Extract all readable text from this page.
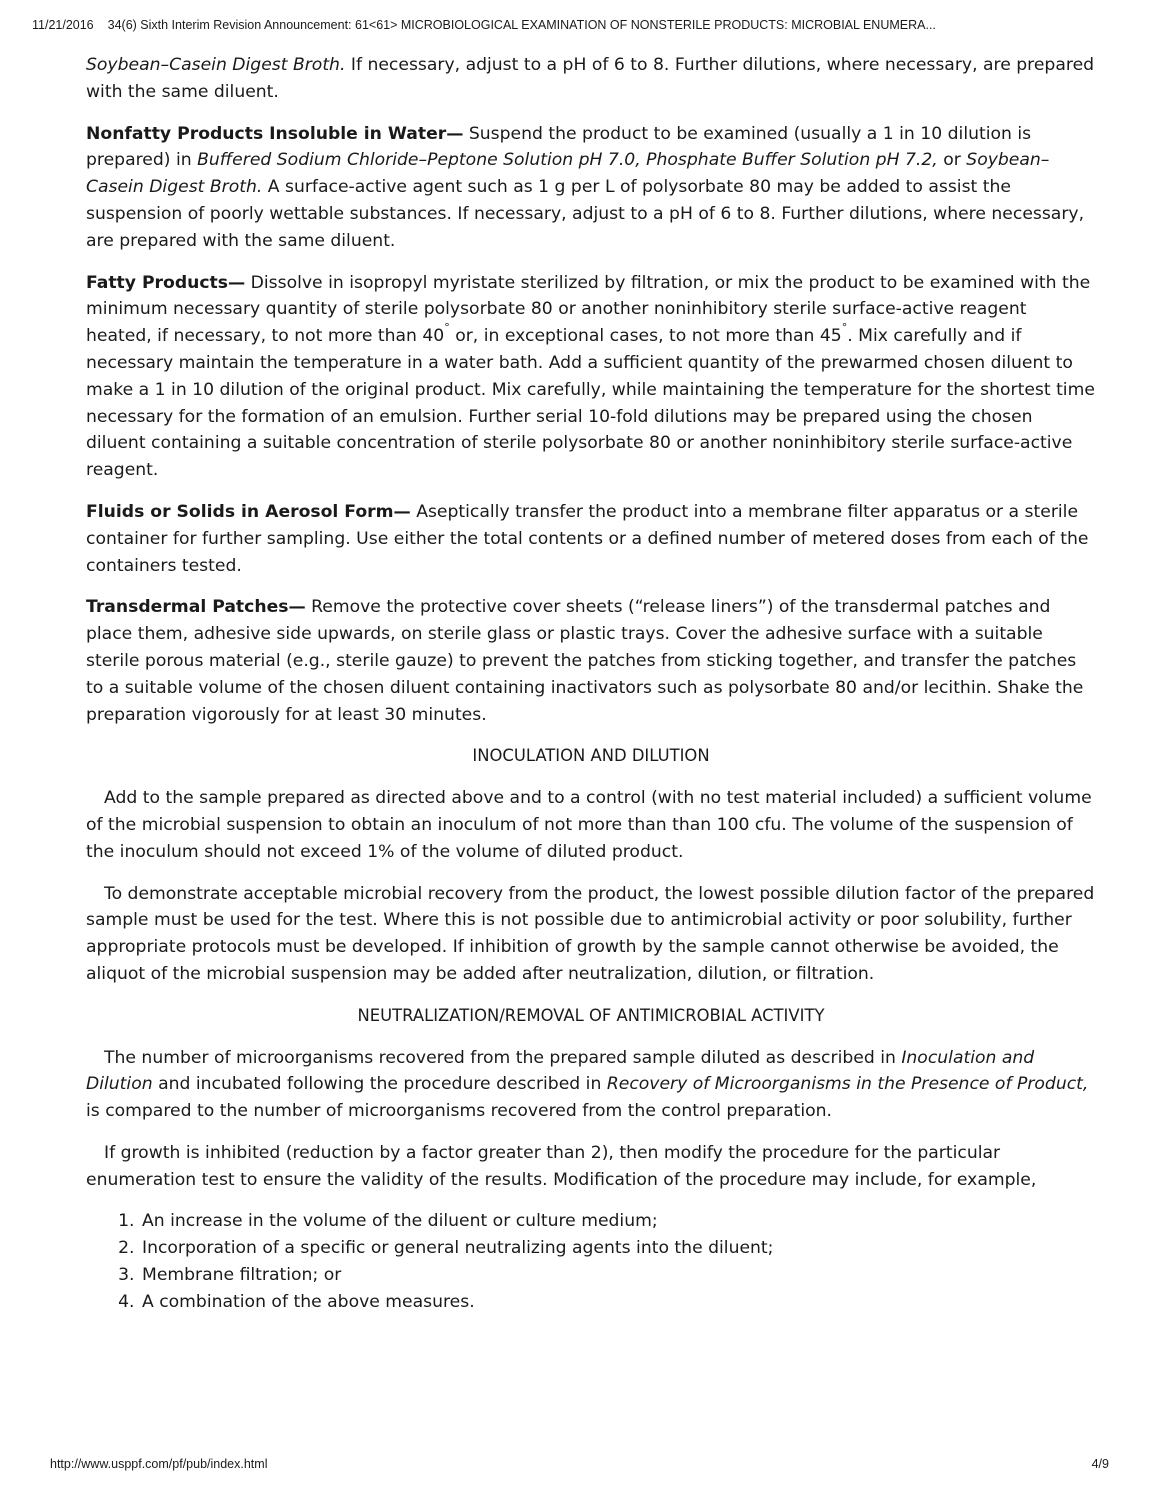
11/21/2016 34(6) Sixth Interim Revision Announcement: 61<61> MICROBIOLOGICAL EXAMINATION OF NONSTERILE PRODUCTS: MICROBIAL ENUMERA...

Soybean–Casein Digest Broth. If necessary, adjust to a pH of 6 to 8. Further dilutions, where necessary, are prepared with the same diluent.

Nonfatty Products Insoluble in Water— Suspend the product to be examined (usually a 1 in 10 dilution is prepared) in Buffered Sodium Chloride–Peptone Solution pH 7.0, Phosphate Buffer Solution pH 7.2, or Soybean–Casein Digest Broth. A surface-active agent such as 1 g per L of polysorbate 80 may be added to assist the suspension of poorly wettable substances. If necessary, adjust to a pH of 6 to 8. Further dilutions, where necessary, are prepared with the same diluent.

Fatty Products— Dissolve in isopropyl myristate sterilized by filtration, or mix the product to be examined with the minimum necessary quantity of sterile polysorbate 80 or another noninhibitory sterile surface-active reagent heated, if necessary, to not more than 40° or, in exceptional cases, to not more than 45°. Mix carefully and if necessary maintain the temperature in a water bath. Add a sufficient quantity of the prewarmed chosen diluent to make a 1 in 10 dilution of the original product. Mix carefully, while maintaining the temperature for the shortest time necessary for the formation of an emulsion. Further serial 10-fold dilutions may be prepared using the chosen diluent containing a suitable concentration of sterile polysorbate 80 or another noninhibitory sterile surface-active reagent.

Fluids or Solids in Aerosol Form— Aseptically transfer the product into a membrane filter apparatus or a sterile container for further sampling. Use either the total contents or a defined number of metered doses from each of the containers tested.

Transdermal Patches— Remove the protective cover sheets (“release liners”) of the transdermal patches and place them, adhesive side upwards, on sterile glass or plastic trays. Cover the adhesive surface with a suitable sterile porous material (e.g., sterile gauze) to prevent the patches from sticking together, and transfer the patches to a suitable volume of the chosen diluent containing inactivators such as polysorbate 80 and/or lecithin. Shake the preparation vigorously for at least 30 minutes.

INOCULATION AND DILUTION

Add to the sample prepared as directed above and to a control (with no test material included) a sufficient volume of the microbial suspension to obtain an inoculum of not more than than 100 cfu. The volume of the suspension of the inoculum should not exceed 1% of the volume of diluted product.

To demonstrate acceptable microbial recovery from the product, the lowest possible dilution factor of the prepared sample must be used for the test. Where this is not possible due to antimicrobial activity or poor solubility, further appropriate protocols must be developed. If inhibition of growth by the sample cannot otherwise be avoided, the aliquot of the microbial suspension may be added after neutralization, dilution, or filtration.

NEUTRALIZATION/REMOVAL OF ANTIMICROBIAL ACTIVITY

The number of microorganisms recovered from the prepared sample diluted as described in Inoculation and Dilution and incubated following the procedure described in Recovery of Microorganisms in the Presence of Product, is compared to the number of microorganisms recovered from the control preparation.

If growth is inhibited (reduction by a factor greater than 2), then modify the procedure for the particular enumeration test to ensure the validity of the results. Modification of the procedure may include, for example,

1. An increase in the volume of the diluent or culture medium;
2. Incorporation of a specific or general neutralizing agents into the diluent;
3. Membrane filtration; or
4. A combination of the above measures.
http://www.usppf.com/pf/pub/index.html	4/9
